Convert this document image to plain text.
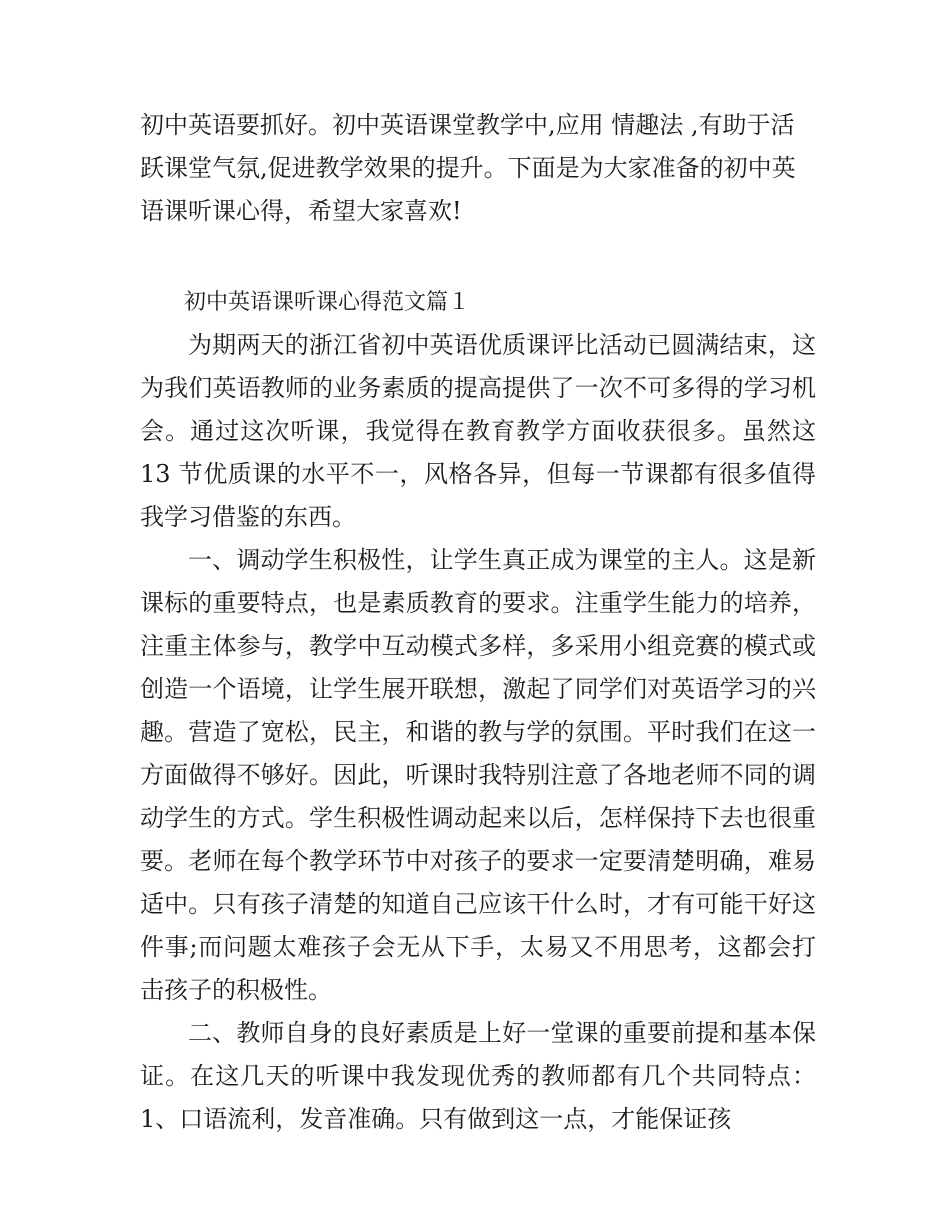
初中英语要抓好。初中英语课堂教学中,应用 情趣法 ,有助于活跃课堂气氛,促进教学效果的提升。下面是为大家准备的初中英语课听课心得，希望大家喜欢!

初中英语课听课心得范文篇１

为期两天的浙江省初中英语优质课评比活动已圆满结束，这为我们英语教师的业务素质的提高提供了一次不可多得的学习机会。通过这次听课，我觉得在教育教学方面收获很多。虽然这 13 节优质课的水平不一，风格各异，但每一节课都有很多值得我学习借鉴的东西。

一、调动学生积极性，让学生真正成为课堂的主人。这是新课标的重要特点，也是素质教育的要求。注重学生能力的培养，注重主体参与，教学中互动模式多样，多采用小组竞赛的模式或创造一个语境，让学生展开联想，激起了同学们对英语学习的兴趣。营造了宽松，民主，和谐的教与学的氛围。平时我们在这一方面做得不够好。因此，听课时我特别注意了各地老师不同的调动学生的方式。学生积极性调动起来以后，怎样保持下去也很重要。老师在每个教学环节中对孩子的要求一定要清楚明确，难易适中。只有孩子清楚的知道自己应该干什么时，才有可能干好这件事;而问题太难孩子会无从下手，太易又不用思考，这都会打击孩子的积极性。

二、教师自身的良好素质是上好一堂课的重要前提和基本保证。在这几天的听课中我发现优秀的教师都有几个共同特点：1、口语流利，发音准确。只有做到这一点，才能保证孩
